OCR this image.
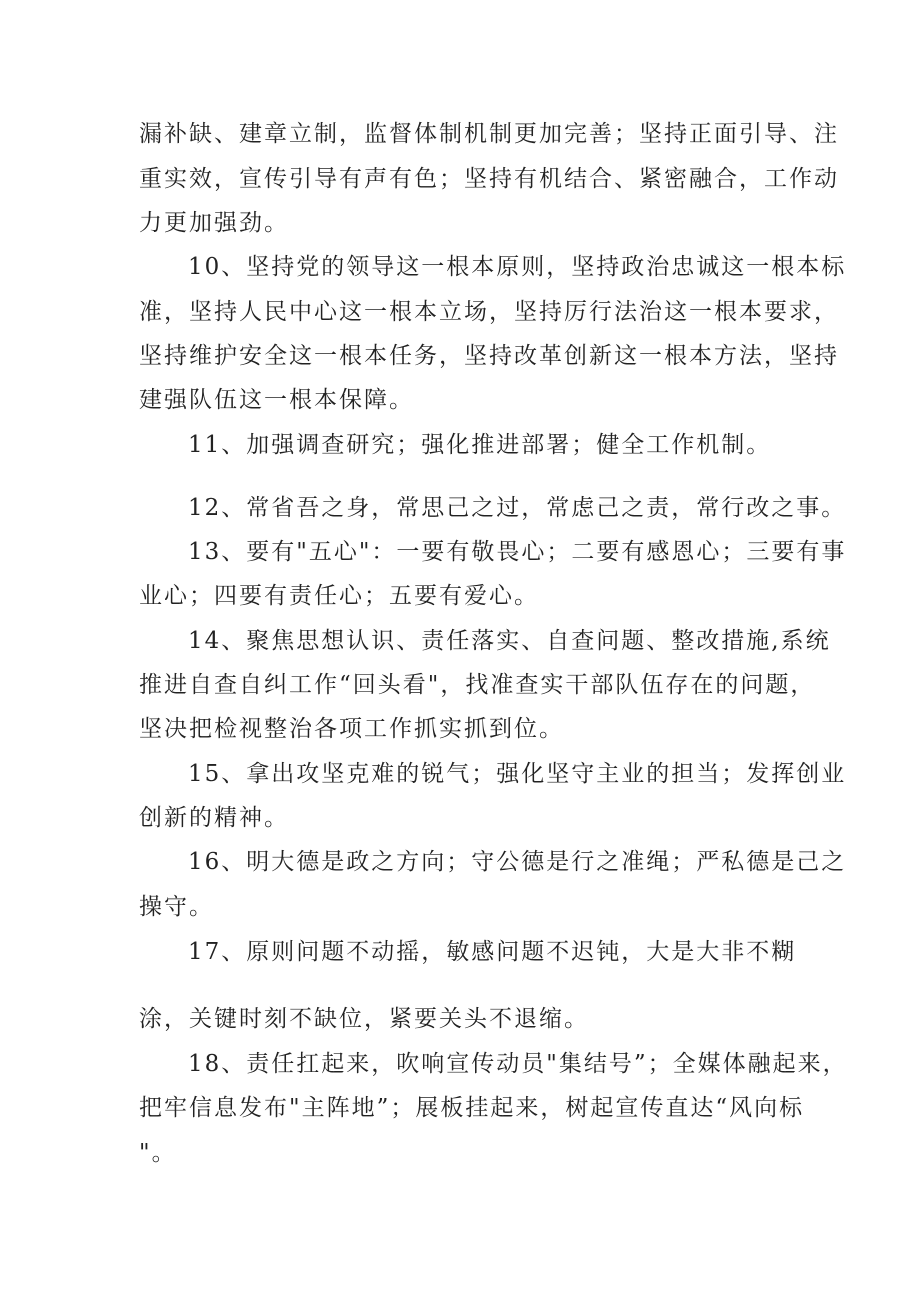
漏补缺、建章立制，监督体制机制更加完善；坚持正面引导、注
重实效，宣传引导有声有色；坚持有机结合、紧密融合，工作动
力更加强劲。
10、坚持党的领导这一根本原则，坚持政治忠诚这一根本标
准，坚持人民中心这一根本立场，坚持厉行法治这一根本要求，
坚持维护安全这一根本任务，坚持改革创新这一根本方法，坚持
建强队伍这一根本保障。
11、加强调查研究；强化推进部署；健全工作机制。
12、常省吾之身，常思己之过，常虑己之责，常行改之事。
13、要有"五心"：一要有敬畏心；二要有感恩心；三要有事
业心；四要有责任心；五要有爱心。
14、聚焦思想认识、责任落实、自查问题、整改措施,系统
推进自查自纠工作“回头看"，找准查实干部队伍存在的问题，
坚决把检视整治各项工作抓实抓到位。
15、拿出攻坚克难的锐气；强化坚守主业的担当；发挥创业
创新的精神。
16、明大德是政之方向；守公德是行之准绳；严私德是己之
操守。
17、原则问题不动摇，敏感问题不迟钝，大是大非不糊
涂，关键时刻不缺位，紧要关头不退缩。
18、责任扛起来，吹响宣传动员"集结号”；全媒体融起来，
把牢信息发布"主阵地”；展板挂起来，树起宣传直达“风向标
"。
